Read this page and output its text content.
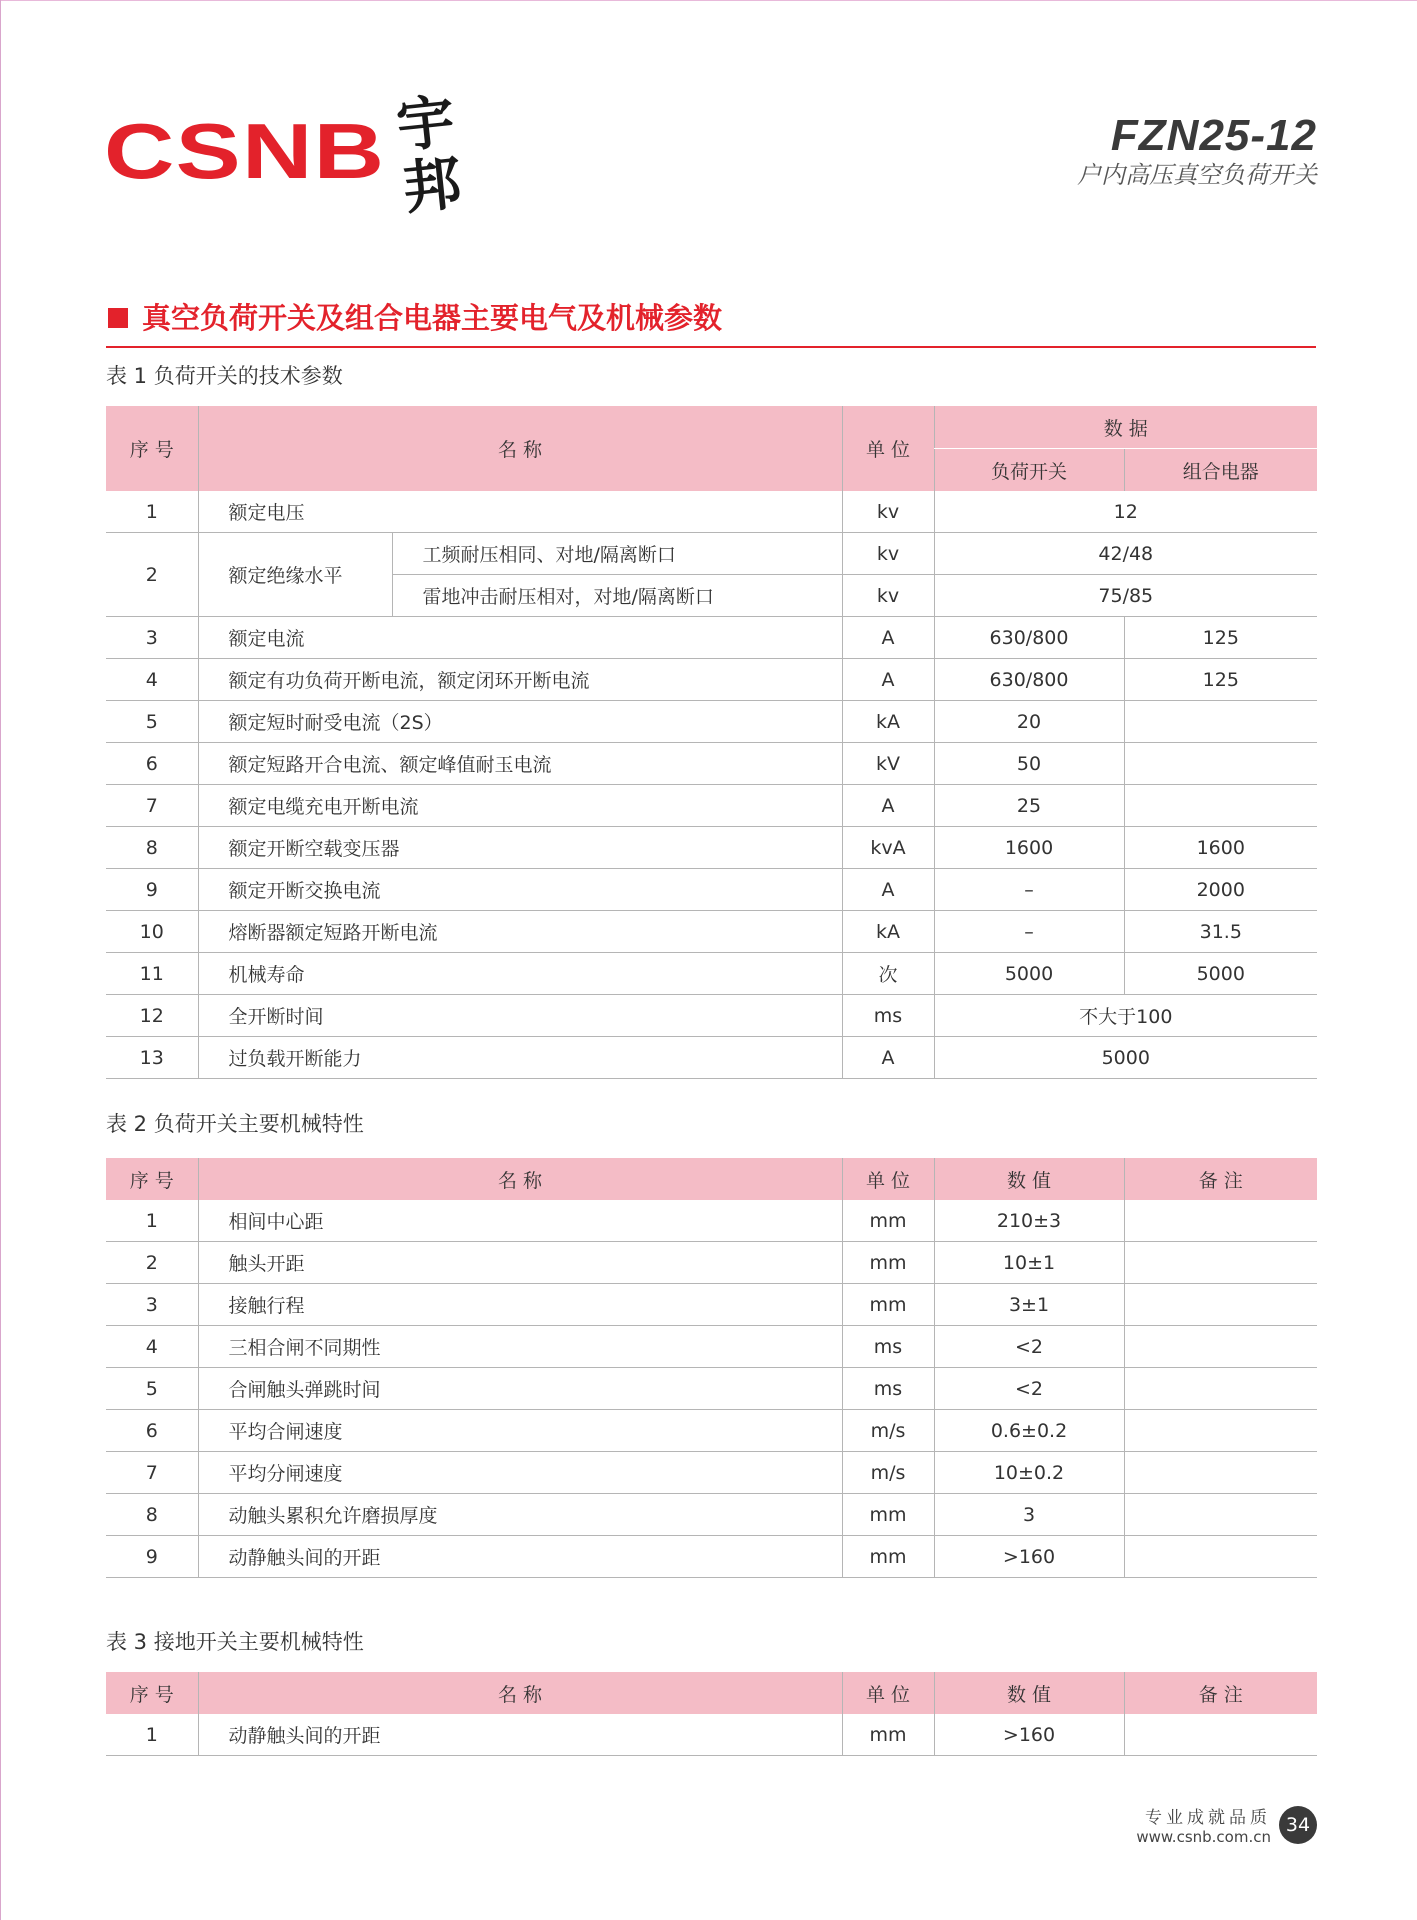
CSNB 宇邦
FZN25-12
户内高压真空负荷开关
真空负荷开关及组合电器主要电气及机械参数
表 1 负荷开关的技术参数
序 号	名 称		单 位	数 据	
				负荷开关	组合电器
1	额定电压		kv	12	
2	额定绝缘水平	工频耐压相同、对地/隔离断口	kv	42/48	
		雷地冲击耐压相对，对地/隔离断口	kv	75/85	
3	额定电流		A	630/800	125
4	额定有功负荷开断电流，额定闭环开断电流		A	630/800	125
5	额定短时耐受电流（2S）		kA	20	
6	额定短路开合电流、额定峰值耐玉电流		kV	50	
7	额定电缆充电开断电流		A	25	
8	额定开断空载变压器		kvA	1600	1600
9	额定开断交换电流		A	–	2000
10	熔断器额定短路开断电流		kA	–	31.5
11	机械寿命		次	5000	5000
12	全开断时间		ms	不大于100	
13	过负载开断能力		A	5000	
表 2 负荷开关主要机械特性
序 号	名 称	单 位	数 值	备 注
1	相间中心距	mm	210±3	
2	触头开距	mm	10±1	
3	接触行程	mm	3±1	
4	三相合闸不同期性	ms	<2	
5	合闸触头弹跳时间	ms	<2	
6	平均合闸速度	m/s	0.6±0.2	
7	平均分闸速度	m/s	10±0.2	
8	动触头累积允许磨损厚度	mm	3	
9	动静触头间的开距	mm	>160	
表 3 接地开关主要机械特性
序 号	名 称	单 位	数 值	备 注
1	动静触头间的开距	mm	>160	
专业成就品质
www.csnb.com.cn
34
